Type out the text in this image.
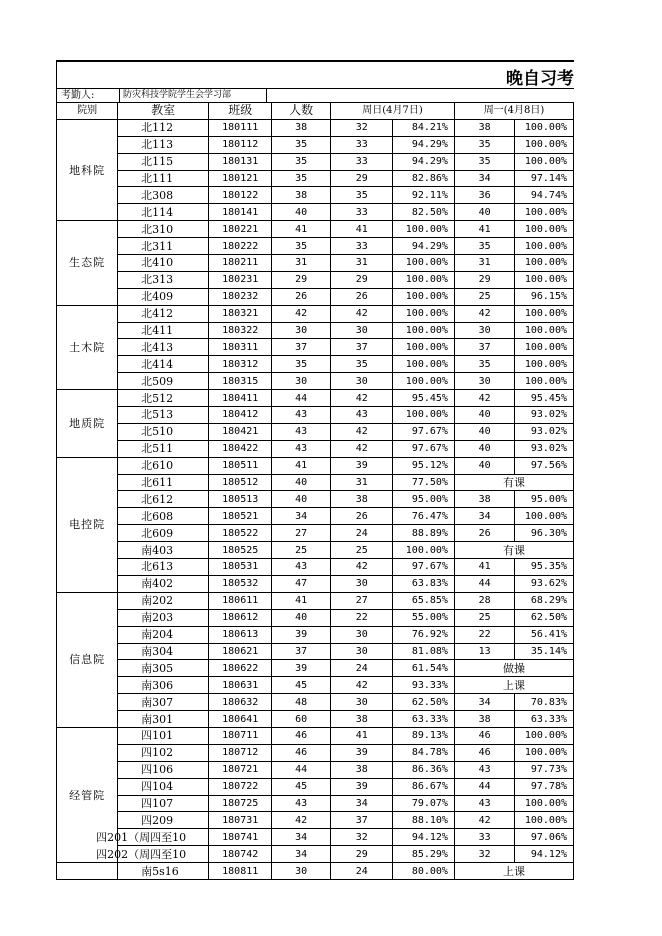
晚自习考
考勤人:	防灾科技学院学生会学习部
院别	教室	班级	人数	周日(4月7日)		周一(4月8日)	
地科院	北112	180111	38	32	84.21%	38	100.00%
	北113	180112	35	33	94.29%	35	100.00%
	北115	180131	35	33	94.29%	35	100.00%
	北111	180121	35	29	82.86%	34	97.14%
	北308	180122	38	35	92.11%	36	94.74%
	北114	180141	40	33	82.50%	40	100.00%
生态院	北310	180221	41	41	100.00%	41	100.00%
	北311	180222	35	33	94.29%	35	100.00%
	北410	180211	31	31	100.00%	31	100.00%
	北313	180231	29	29	100.00%	29	100.00%
	北409	180232	26	26	100.00%	25	96.15%
土木院	北412	180321	42	42	100.00%	42	100.00%
	北411	180322	30	30	100.00%	30	100.00%
	北413	180311	37	37	100.00%	37	100.00%
	北414	180312	35	35	100.00%	35	100.00%
	北509	180315	30	30	100.00%	30	100.00%
地质院	北512	180411	44	42	95.45%	42	95.45%
	北513	180412	43	43	100.00%	40	93.02%
	北510	180421	43	42	97.67%	40	93.02%
	北511	180422	43	42	97.67%	40	93.02%
电控院	北610	180511	41	39	95.12%	40	97.56%
	北611	180512	40	31	77.50%	有课	
	北612	180513	40	38	95.00%	38	95.00%
	北608	180521	34	26	76.47%	34	100.00%
	北609	180522	27	24	88.89%	26	96.30%
	南403	180525	25	25	100.00%	有课	
	北613	180531	43	42	97.67%	41	95.35%
	南402	180532	47	30	63.83%	44	93.62%
信息院	南202	180611	41	27	65.85%	28	68.29%
	南203	180612	40	22	55.00%	25	62.50%
	南204	180613	39	30	76.92%	22	56.41%
	南304	180621	37	30	81.08%	13	35.14%
	南305	180622	39	24	61.54%	做操	
	南306	180631	45	42	93.33%	上课	
	南307	180632	48	30	62.50%	34	70.83%
	南301	180641	60	38	63.33%	38	63.33%
经管院	四101	180711	46	41	89.13%	46	100.00%
	四102	180712	46	39	84.78%	46	100.00%
	四106	180721	44	38	86.36%	43	97.73%
	四104	180722	45	39	86.67%	44	97.78%
	四107	180725	43	34	79.07%	43	100.00%
	四209	180731	42	37	88.10%	42	100.00%
	四201（周四至10	180741	34	32	94.12%	33	97.06%
	四202（周四至10	180742	34	29	85.29%	32	94.12%
	南5s16	180811	30	24	80.00%	上课	
